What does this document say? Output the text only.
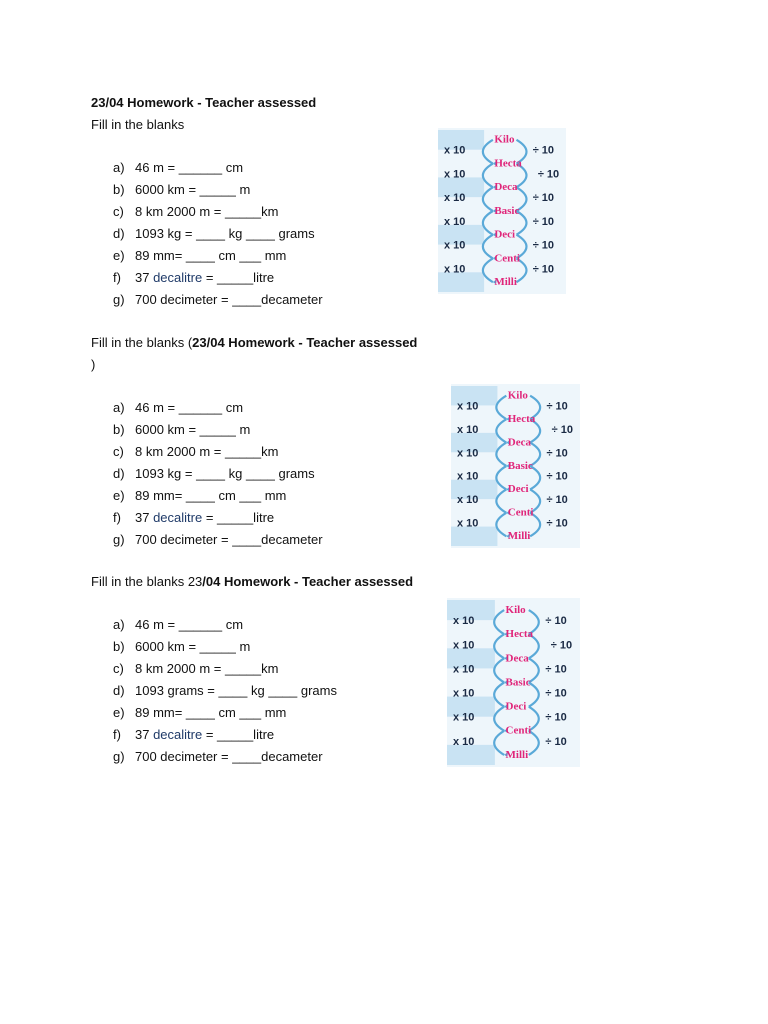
23/04 Homework - Teacher assessed
Fill in the blanks
a) 46 m = ______ cm
b) 6000 km = _____ m
c) 8 km 2000 m = _____km
d) 1093 kg = ____ kg ____ grams
e) 89 mm= ____ cm ___ mm
f) 37 decalitre = _____litre
g) 700 decimeter = ____decameter
Kilo
Hecta
Deca
Basic
Deci
Centi
Milli
x 10
x 10
x 10
x 10
x 10
x 10
÷ 10
÷ 10
÷ 10
÷ 10
÷ 10
÷ 10
Fill in the blanks (23/04 Homework - Teacher assessed
)
a) 46 m = ______ cm
b) 6000 km = _____ m
c) 8 km 2000 m = _____km
d) 1093 kg = ____ kg ____ grams
e) 89 mm= ____ cm ___ mm
f) 37 decalitre = _____litre
g) 700 decimeter = ____decameter
Kilo
Hecta
Deca
Basic
Deci
Centi
Milli
x 10
x 10
x 10
x 10
x 10
x 10
÷ 10
÷ 10
÷ 10
÷ 10
÷ 10
÷ 10
Fill in the blanks 23/04 Homework - Teacher assessed
a) 46 m = ______ cm
b) 6000 km = _____ m
c) 8 km 2000 m = _____km
d) 1093 grams = ____ kg ____ grams
e) 89 mm= ____ cm ___ mm
f) 37 decalitre = _____litre
g) 700 decimeter = ____decameter
Kilo
Hecta
Deca
Basic
Deci
Centi
Milli
x 10
x 10
x 10
x 10
x 10
x 10
÷ 10
÷ 10
÷ 10
÷ 10
÷ 10
÷ 10
